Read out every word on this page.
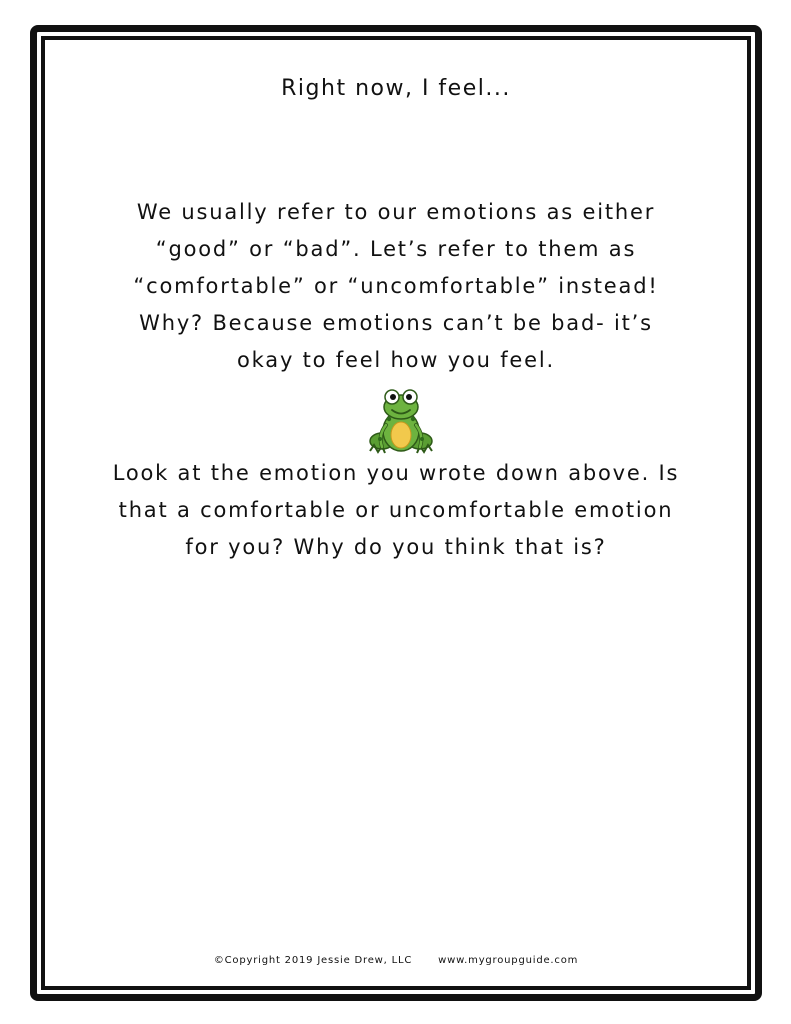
Right now, I feel...
We usually refer to our emotions as either
“good” or “bad”. Let’s refer to them as
“comfortable” or “uncomfortable” instead!
Why? Because emotions can’t be bad- it’s
okay to feel how you feel.
Look at the emotion you wrote down above. Is
that a comfortable or uncomfortable emotion
for you? Why do you think that is?
©Copyright 2019 Jessie Drew, LLC	www.mygroupguide.com
